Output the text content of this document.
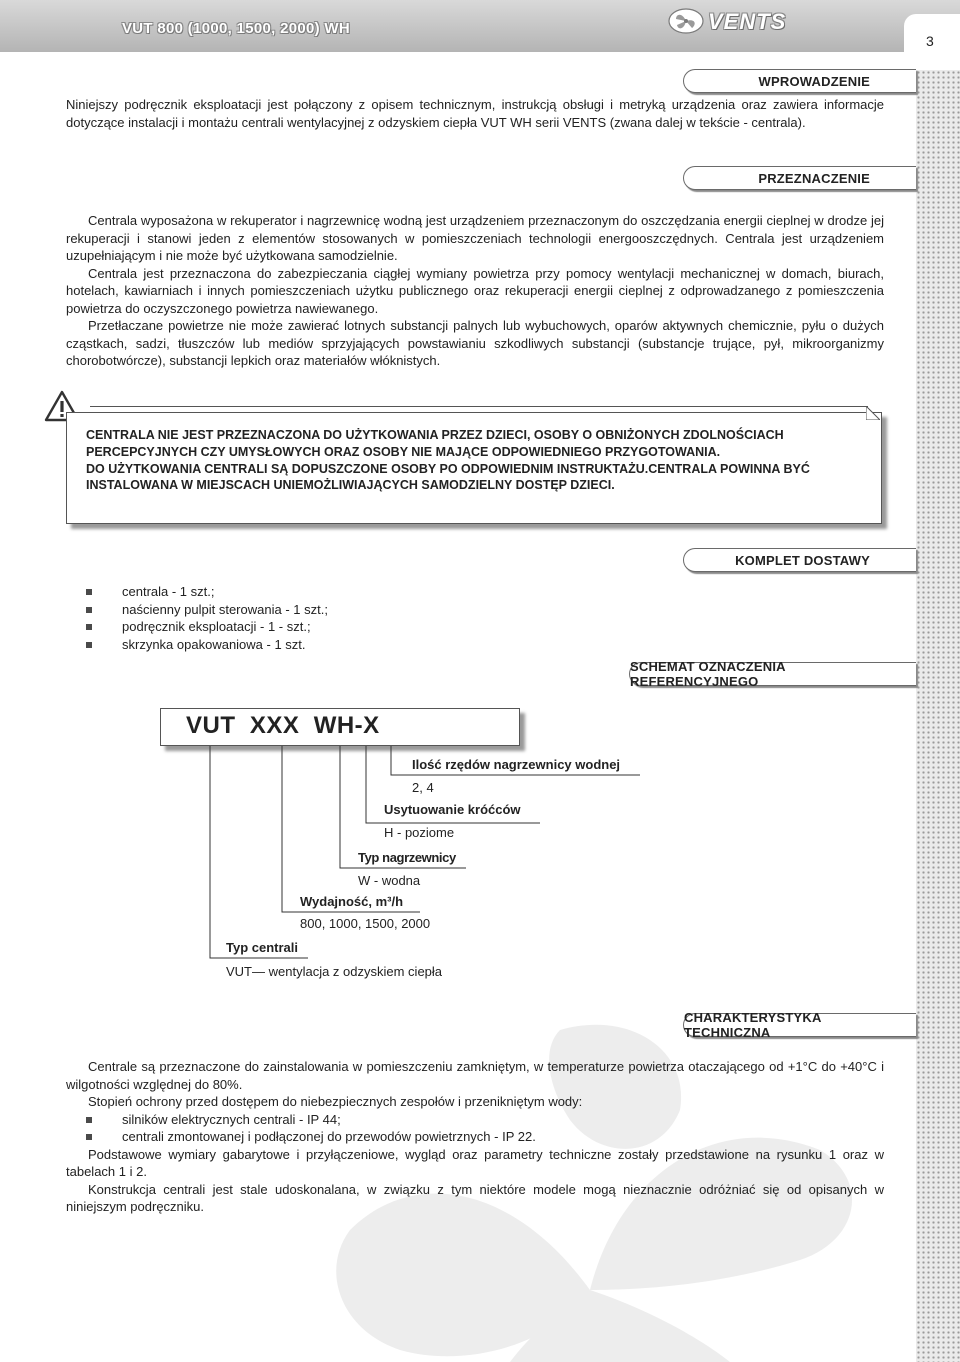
VUT 800 (1000, 1500, 2000) WH	VENTS
3
WPROWADZENIE

Niniejszy podręcznik eksploatacji jest połączony z opisem technicznym, instrukcją obsługi i metryką urządzenia oraz zawiera informacje dotyczące instalacji i montażu centrali wentylacyjnej z odzyskiem ciepła VUT WH serii VENTS (zwana dalej w tekście - centrala).

PRZEZNACZENIE

Centrala wyposażona w rekuperator i nagrzewnicę wodną jest urządzeniem przeznaczonym do oszczędzania energii cieplnej w drodze jej rekuperacji i stanowi jeden z elementów stosowanych w pomieszczeniach technologii energooszczędnych. Centrala jest urządzeniem uzupełniającym i nie może być użytkowana samodzielnie.

Centrala jest przeznaczona do zabezpieczania ciągłej wymiany powietrza przy pomocy wentylacji mechanicznej w domach, biurach, hotelach, kawiarniach i innych pomieszczeniach użytku publicznego oraz rekuperacji energii cieplnej z odprowadzanego z pomieszczenia powietrza do oczyszczonego powietrza nawiewanego.

Przetłaczane powietrze nie może zawierać lotnych substancji palnych lub wybuchowych, oparów aktywnych chemicznie, pyłu o dużych cząstkach, sadzi, tłuszczów lub mediów sprzyjających powstawianiu szkodliwych substancji (substancje trujące, pył, mikroorganizmy chorobotwórcze), substancji lepkich oraz materiałów włóknistych.

CENTRALA NIE JEST PRZEZNACZONA DO UŻYTKOWANIA PRZEZ DZIECI, OSOBY O OBNIŻONYCH ZDOLNOŚCIACH PERCEPCYJNYCH CZY UMYSŁOWYCH ORAZ OSOBY NIE MAJĄCE ODPOWIEDNIEGO PRZYGOTOWANIA.
DO UŻYTKOWANIA CENTRALI SĄ DOPUSZCZONE OSOBY PO ODPOWIEDNIM INSTRUKTAŻU.CENTRALA POWINNA BYĆ INSTALOWANA W MIEJSCACH UNIEMOŻLIWIAJĄCYCH SAMODZIELNY DOSTĘP DZIECI.
KOMPLET DOSTAWY
centrala - 1 szt.;
naścienny pulpit sterowania - 1 szt.;
podręcznik eksploatacji - 1 - szt.;
skrzynka opakowaniowa - 1 szt.
SCHEMAT OZNACZENIA REFERENCYJNEGO
VUT  XXX  WH-X
Ilość rzędów nagrzewnicy wodnej
2, 4
Usytuowanie króćców
H - poziome
Typ nagrzewnicy
W - wodna
Wydajność, m³/h
800, 1000, 1500, 2000
Typ centrali
VUT— wentylacja z odzyskiem ciepła
CHARAKTERYSTYKA TECHNICZNA

Centrale są przeznaczone do zainstalowania w pomieszczeniu zamkniętym, w temperaturze powietrza otaczającego od +1°C do +40°C i wilgotności względnej do 80%.

Stopień ochrony przed dostępem do niebezpiecznych zespołów i przenikniętym wody:

silników elektrycznych centrali - IP 44;
centrali zmontowanej i podłączonej do przewodów powietrznych - IP 22.

Podstawowe wymiary gabarytowe i przyłączeniowe, wygląd oraz parametry techniczne zostały przedstawione na rysunku 1 oraz w tabelach 1 i 2.

Konstrukcja centrali jest stale udoskonalana, w związku z tym niektóre modele mogą nieznacznie odróżniać się od opisanych w niniejszym podręczniku.
